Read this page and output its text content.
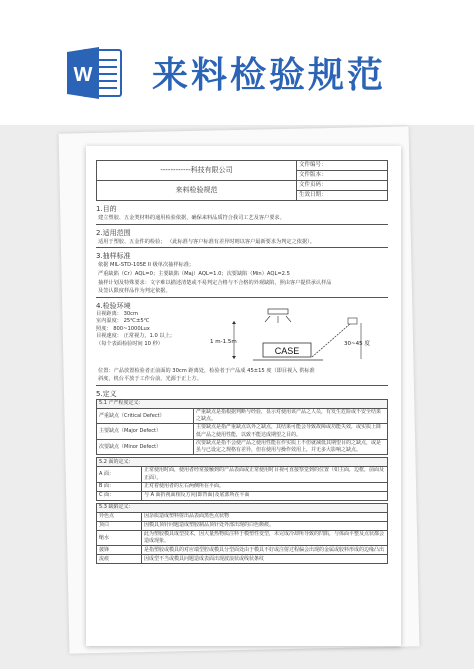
W 来料检验规范
------------科技有限公司	文件编号：
	文件版本：
来料检验规范	文件页码：
	生效日期：
1.目的
建立塑胶、五金类材料的通用检验依据，确保来料品质符合我司工艺及客户要求。
2.适用范围
适用于塑胶、五金件的检验； （此标准与客户标准有差异时则以客户最新要求为判定之依据）。
3.抽样标准
依据 MIL-STD-105E II 级单次抽样标准；
严重缺陷（Cr）AQL=0；主要缺陷（Maj）AQL=1.0；次要缺陷（Min）AQL=2.5
抽样计划及特殊要求：文字难以描述清楚或不易判定合格与不合格的外观缺陷，照由客户提供承认样品
及签认限度样品作为判定依据。
4.检验环境
目视距离： 30cm
室内温度： 25℃±5℃
照度： 800~1000Lux
目视速度： 正常视力，1.0 以上；
（每个表面检验时间 10 秒）	1 m-1.5m
CASE
30~45 度
位置：产品放置检验者正前面的 30cm 距离处，检验者于产品成 45±15 度（即目视入 供标准
斜度，机台平放于工作台前，光源于正上方。
5.定义
5.1 产严程度定义：	
严重缺点（Critical Defect）	严重缺点是指根据判断与经验，显示对使用该产品之人员，有发生危险或不安全结果之缺点。
主要缺点（Major Defect）	主要缺点是指严重缺点以外之缺点，其结果可能会导致故障或功能失效，或实质上降低产品之使用性能，以致不能达成期望之目的。
次要缺点（Minor Defect）	次要缺点是指不会使产品之使用性能在作实质上不但就减低其期望目的之缺点，或是虽与已设定之规格有差异，但在使用与操作效用上，并无多大影响之缺点。
5.2 面的定义：	
A 面：	正常使用时面，使用者经常接触到的产品表面或正常使用时目视可直接察觉到的位置（如主面，边框，前面及正面）。
B 面：	正对着使用者的左右两侧所在平面。
C 面：	与 A 面折视面相反方向(即背面)及底部所在平面
5.3 缺陷定义：	
异色点	因杂质造成塑料射出品表面黑色点状物
顶白	因模具顶针问题造成塑胶制品顶针处外部出现的白色颜痕。
缩水	此为塑胶模具成型技术，因大量热物质注料于模塑性变型，未完成冷却所导致的凹陷，与体面平整及点状都会造成现象。
披锋	是指塑胶或模具的对应端型腔或模具分型面处由于模具不好或注射过程偏会出现的金属或胶料形成的边缘凸出
流痕	因成型不当或模具问题造成表面出现波浪状或线状条纹
